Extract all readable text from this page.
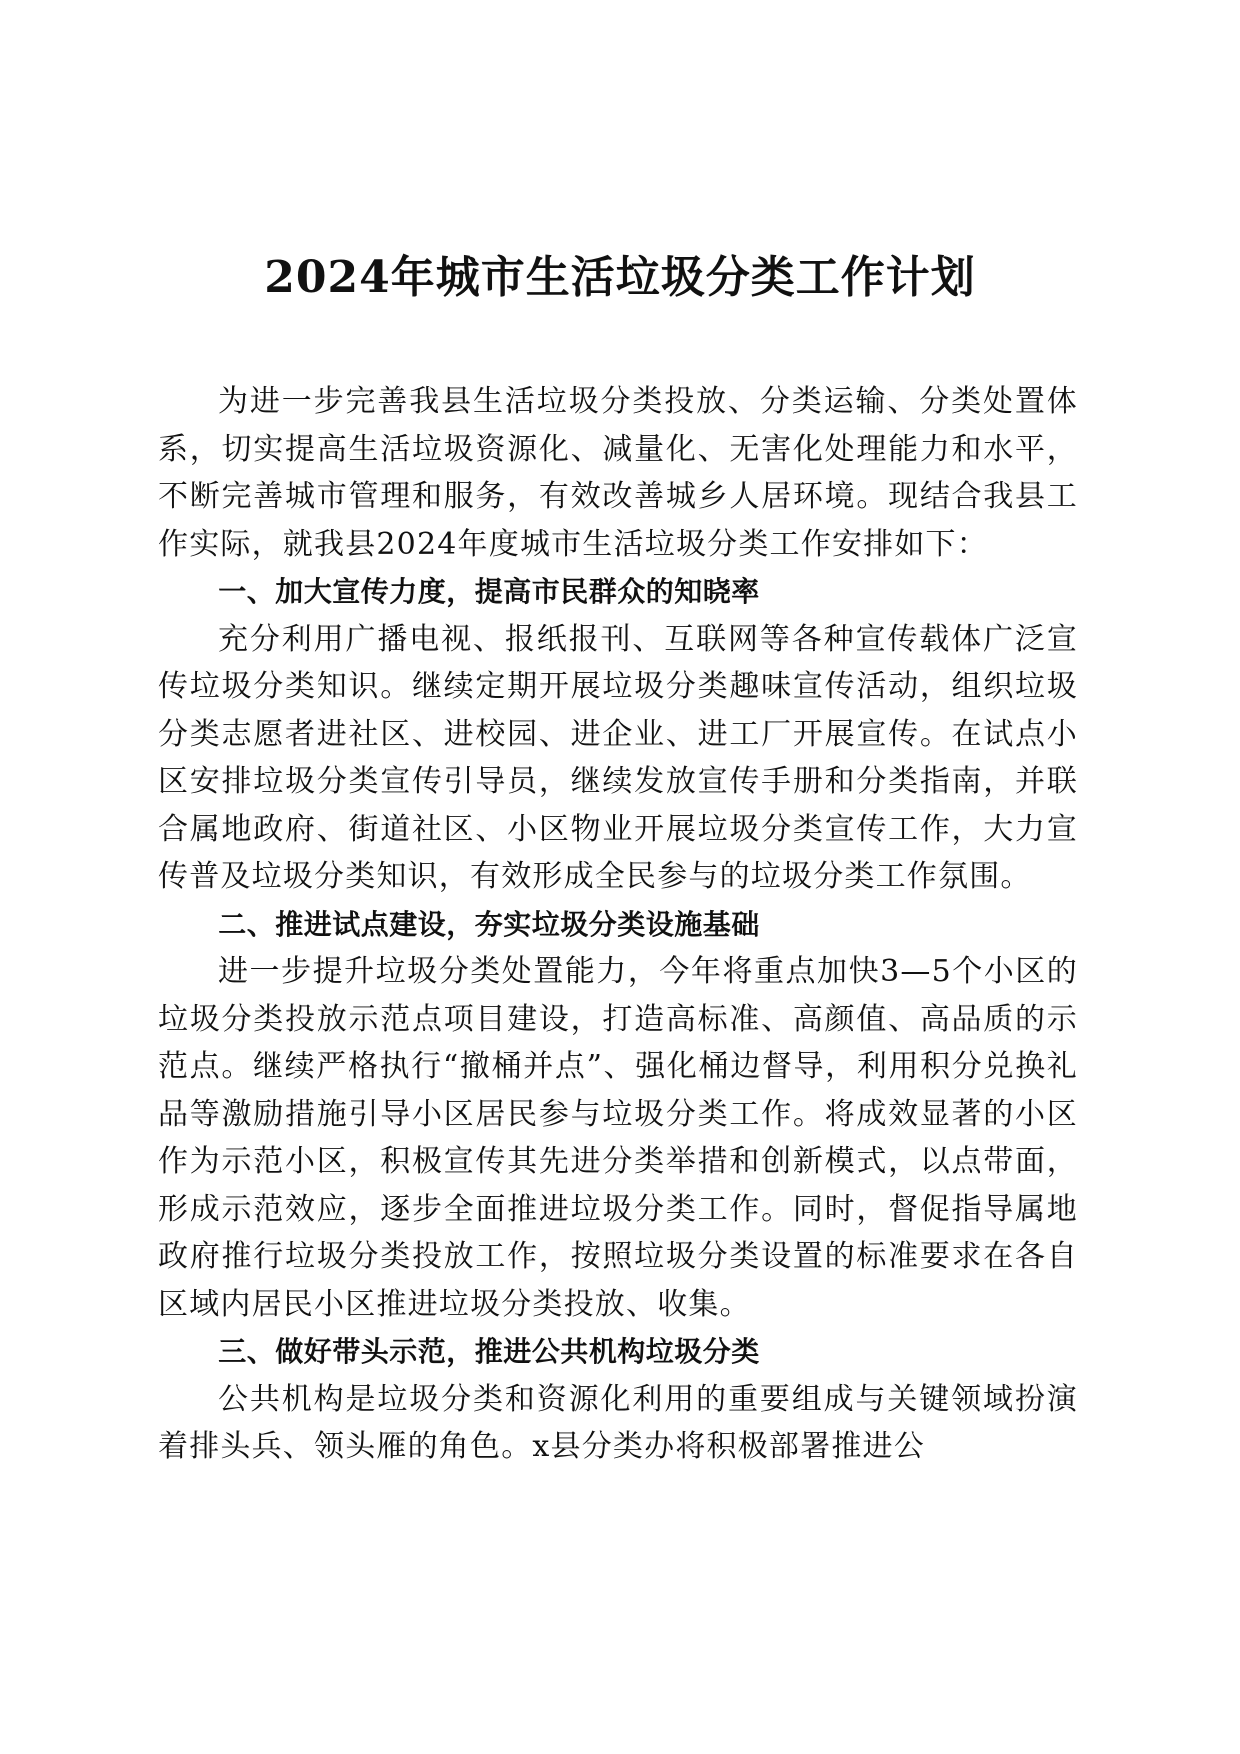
2024年城市生活垃圾分类工作计划

为进一步完善我县生活垃圾分类投放、分类运输、分类处置体系，切实提高生活垃圾资源化、减量化、无害化处理能力和水平，不断完善城市管理和服务，有效改善城乡人居环境。现结合我县工作实际，就我县2024年度城市生活垃圾分类工作安排如下：

一、加大宣传力度，提高市民群众的知晓率

充分利用广播电视、报纸报刊、互联网等各种宣传载体广泛宣传垃圾分类知识。继续定期开展垃圾分类趣味宣传活动，组织垃圾分类志愿者进社区、进校园、进企业、进工厂开展宣传。在试点小区安排垃圾分类宣传引导员，继续发放宣传手册和分类指南，并联合属地政府、街道社区、小区物业开展垃圾分类宣传工作，大力宣传普及垃圾分类知识，有效形成全民参与的垃圾分类工作氛围。

二、推进试点建设，夯实垃圾分类设施基础

进一步提升垃圾分类处置能力，今年将重点加快3—5个小区的垃圾分类投放示范点项目建设，打造高标准、高颜值、高品质的示范点。继续严格执行“撤桶并点”、强化桶边督导，利用积分兑换礼品等激励措施引导小区居民参与垃圾分类工作。将成效显著的小区作为示范小区，积极宣传其先进分类举措和创新模式，以点带面，形成示范效应，逐步全面推进垃圾分类工作。同时，督促指导属地政府推行垃圾分类投放工作，按照垃圾分类设置的标准要求在各自区域内居民小区推进垃圾分类投放、收集。

三、做好带头示范，推进公共机构垃圾分类

公共机构是垃圾分类和资源化利用的重要组成与关键领域扮演着排头兵、领头雁的角色。x县分类办将积极部署推进公
